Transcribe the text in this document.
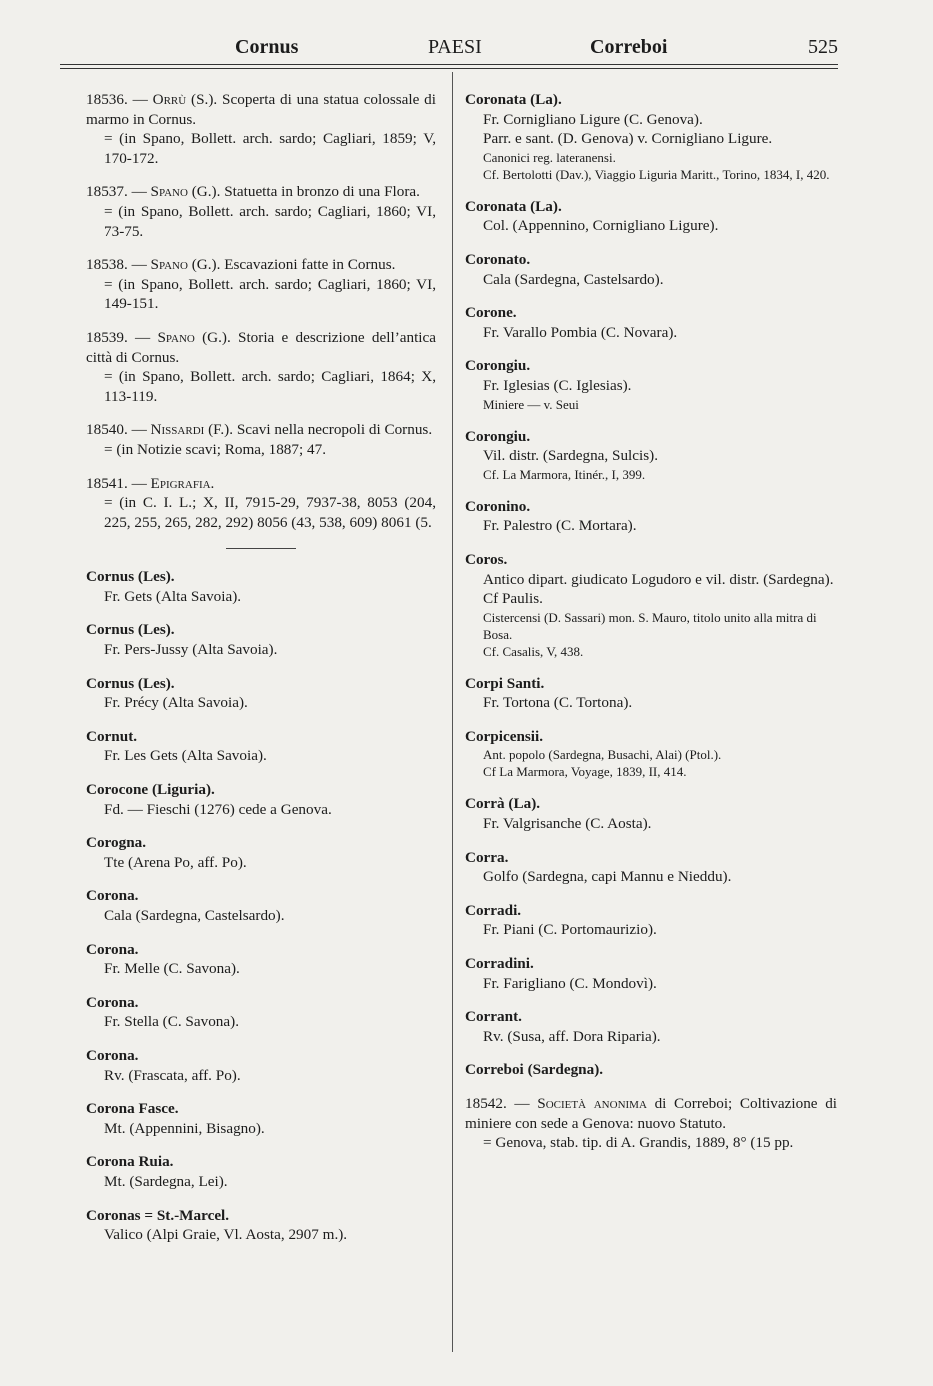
Cornus	PAESI	Correboi	525
18536. — Orrù (S.). Scoperta di una statua colossale di marmo in Cornus.
= (in Spano, Bollett. arch. sardo; Cagliari, 1859; V, 170-172.
18537. — Spano (G.). Statuetta in bronzo di una Flora.
= (in Spano, Bollett. arch. sardo; Cagliari, 1860; VI, 73-75.
18538. — Spano (G.). Escavazioni fatte in Cornus.
= (in Spano, Bollett. arch. sardo; Cagliari, 1860; VI, 149-151.
18539. — Spano (G.). Storia e descrizione dell’antica città di Cornus.
= (in Spano, Bollett. arch. sardo; Cagliari, 1864; X, 113-119.
18540. — Nissardi (F.). Scavi nella necropoli di Cornus.
= (in Notizie scavi; Roma, 1887; 47.
18541. — Epigrafia.
= (in C. I. L.; X, II, 7915-29, 7937-38, 8053 (204, 225, 255, 265, 282, 292) 8056 (43, 538, 609) 8061 (5.
Cornus (Les).
Fr. Gets (Alta Savoia).
Cornus (Les).
Fr. Pers-Jussy (Alta Savoia).
Cornus (Les).
Fr. Précy (Alta Savoia).
Cornut.
Fr. Les Gets (Alta Savoia).
Corocone (Liguria).
Fd. — Fieschi (1276) cede a Genova.
Corogna.
Tte (Arena Po, aff. Po).
Corona.
Cala (Sardegna, Castelsardo).
Corona.
Fr. Melle (C. Savona).
Corona.
Fr. Stella (C. Savona).
Corona.
Rv. (Frascata, aff. Po).
Corona Fasce.
Mt. (Appennini, Bisagno).
Corona Ruia.
Mt. (Sardegna, Lei).
Coronas = St.-Marcel.
Valico (Alpi Graie, Vl. Aosta, 2907 m.).
Coronata (La).
Fr. Cornigliano Ligure (C. Genova).
Parr. e sant. (D. Genova) v. Cornigliano Ligure.
Canonici reg. lateranensi.
Cf. Bertolotti (Dav.), Viaggio Liguria Maritt., Torino, 1834, I, 420.
Coronata (La).
Col. (Appennino, Cornigliano Ligure).
Coronato.
Cala (Sardegna, Castelsardo).
Corone.
Fr. Varallo Pombia (C. Novara).
Corongiu.
Fr. Iglesias (C. Iglesias).
Miniere — v. Seui
Corongiu.
Vil. distr. (Sardegna, Sulcis).
Cf. La Marmora, Itinér., I, 399.
Coronino.
Fr. Palestro (C. Mortara).
Coros.
Antico dipart. giudicato Logudoro e vil. distr. (Sardegna).
Cf Paulis.
Cistercensi (D. Sassari) mon. S. Mauro, titolo unito alla mitra di Bosa.
Cf. Casalis, V, 438.
Corpi Santi.
Fr. Tortona (C. Tortona).
Corpicensii.
Ant. popolo (Sardegna, Busachi, Alai) (Ptol.).
Cf La Marmora, Voyage, 1839, II, 414.
Corrà (La).
Fr. Valgrisanche (C. Aosta).
Corra.
Golfo (Sardegna, capi Mannu e Nieddu).
Corradi.
Fr. Piani (C. Portomaurizio).
Corradini.
Fr. Farigliano (C. Mondovì).
Corrant.
Rv. (Susa, aff. Dora Riparia).
Correboi (Sardegna).
18542. — Società anonima di Correboi; Coltivazione di miniere con sede a Genova: nuovo Statuto.
= Genova, stab. tip. di A. Grandis, 1889, 8° (15 pp.
